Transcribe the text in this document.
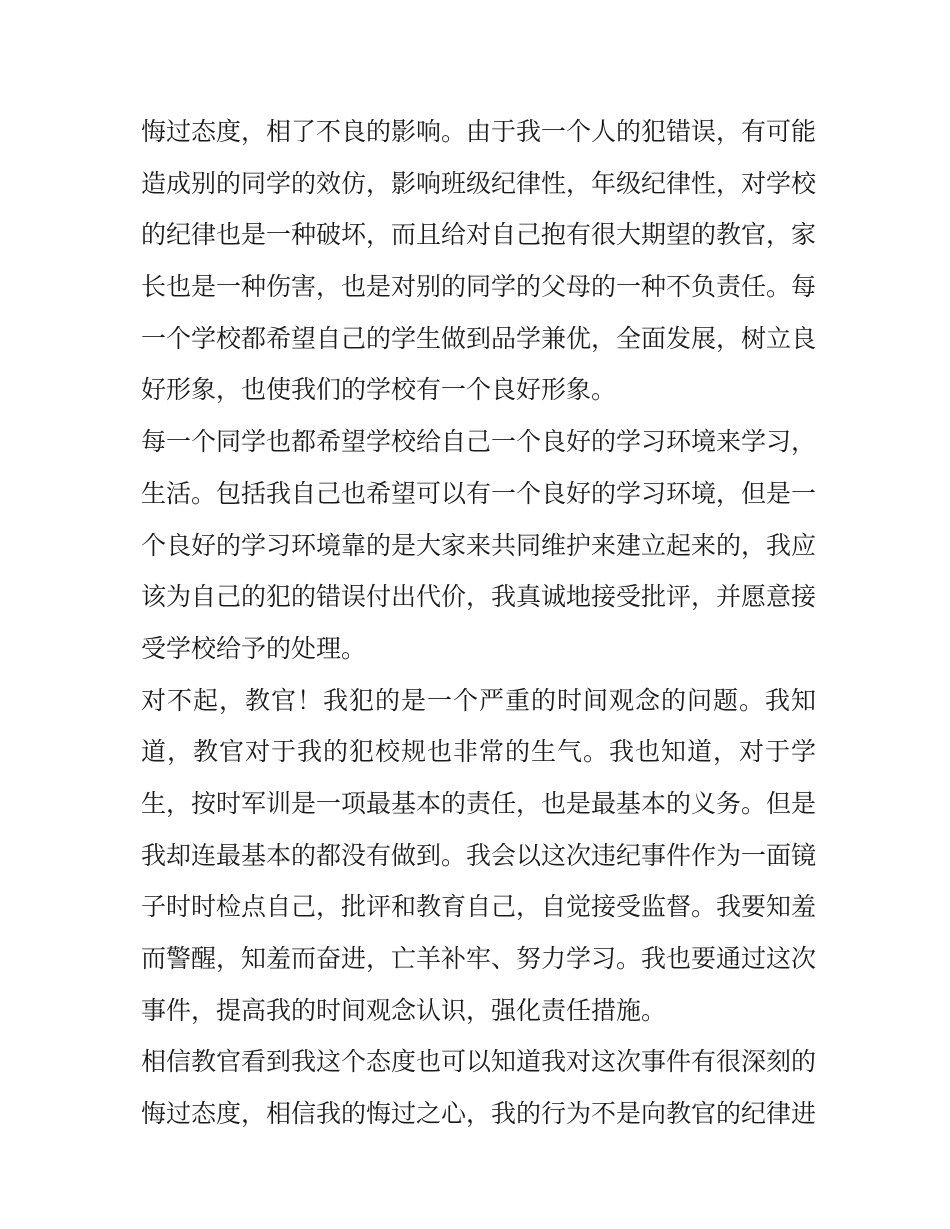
悔过态度，相了不良的影响。由于我一个人的犯错误，有可能
造成别的同学的效仿，影响班级纪律性，年级纪律性，对学校
的纪律也是一种破坏，而且给对自己抱有很大期望的教官，家
长也是一种伤害，也是对别的同学的父母的一种不负责任。每
一个学校都希望自己的学生做到品学兼优，全面发展，树立良
好形象，也使我们的学校有一个良好形象。
每一个同学也都希望学校给自己一个良好的学习环境来学习，
生活。包括我自己也希望可以有一个良好的学习环境，但是一
个良好的学习环境靠的是大家来共同维护来建立起来的，我应
该为自己的犯的错误付出代价，我真诚地接受批评，并愿意接
受学校给予的处理。
对不起，教官！我犯的是一个严重的时间观念的问题。我知
道，教官对于我的犯校规也非常的生气。我也知道，对于学
生，按时军训是一项最基本的责任，也是最基本的义务。但是
我却连最基本的都没有做到。我会以这次违纪事件作为一面镜
子时时检点自己，批评和教育自己，自觉接受监督。我要知羞
而警醒，知羞而奋进，亡羊补牢、努力学习。我也要通过这次
事件，提高我的时间观念认识，强化责任措施。
相信教官看到我这个态度也可以知道我对这次事件有很深刻的
悔过态度，相信我的悔过之心，我的行为不是向教官的纪律进
